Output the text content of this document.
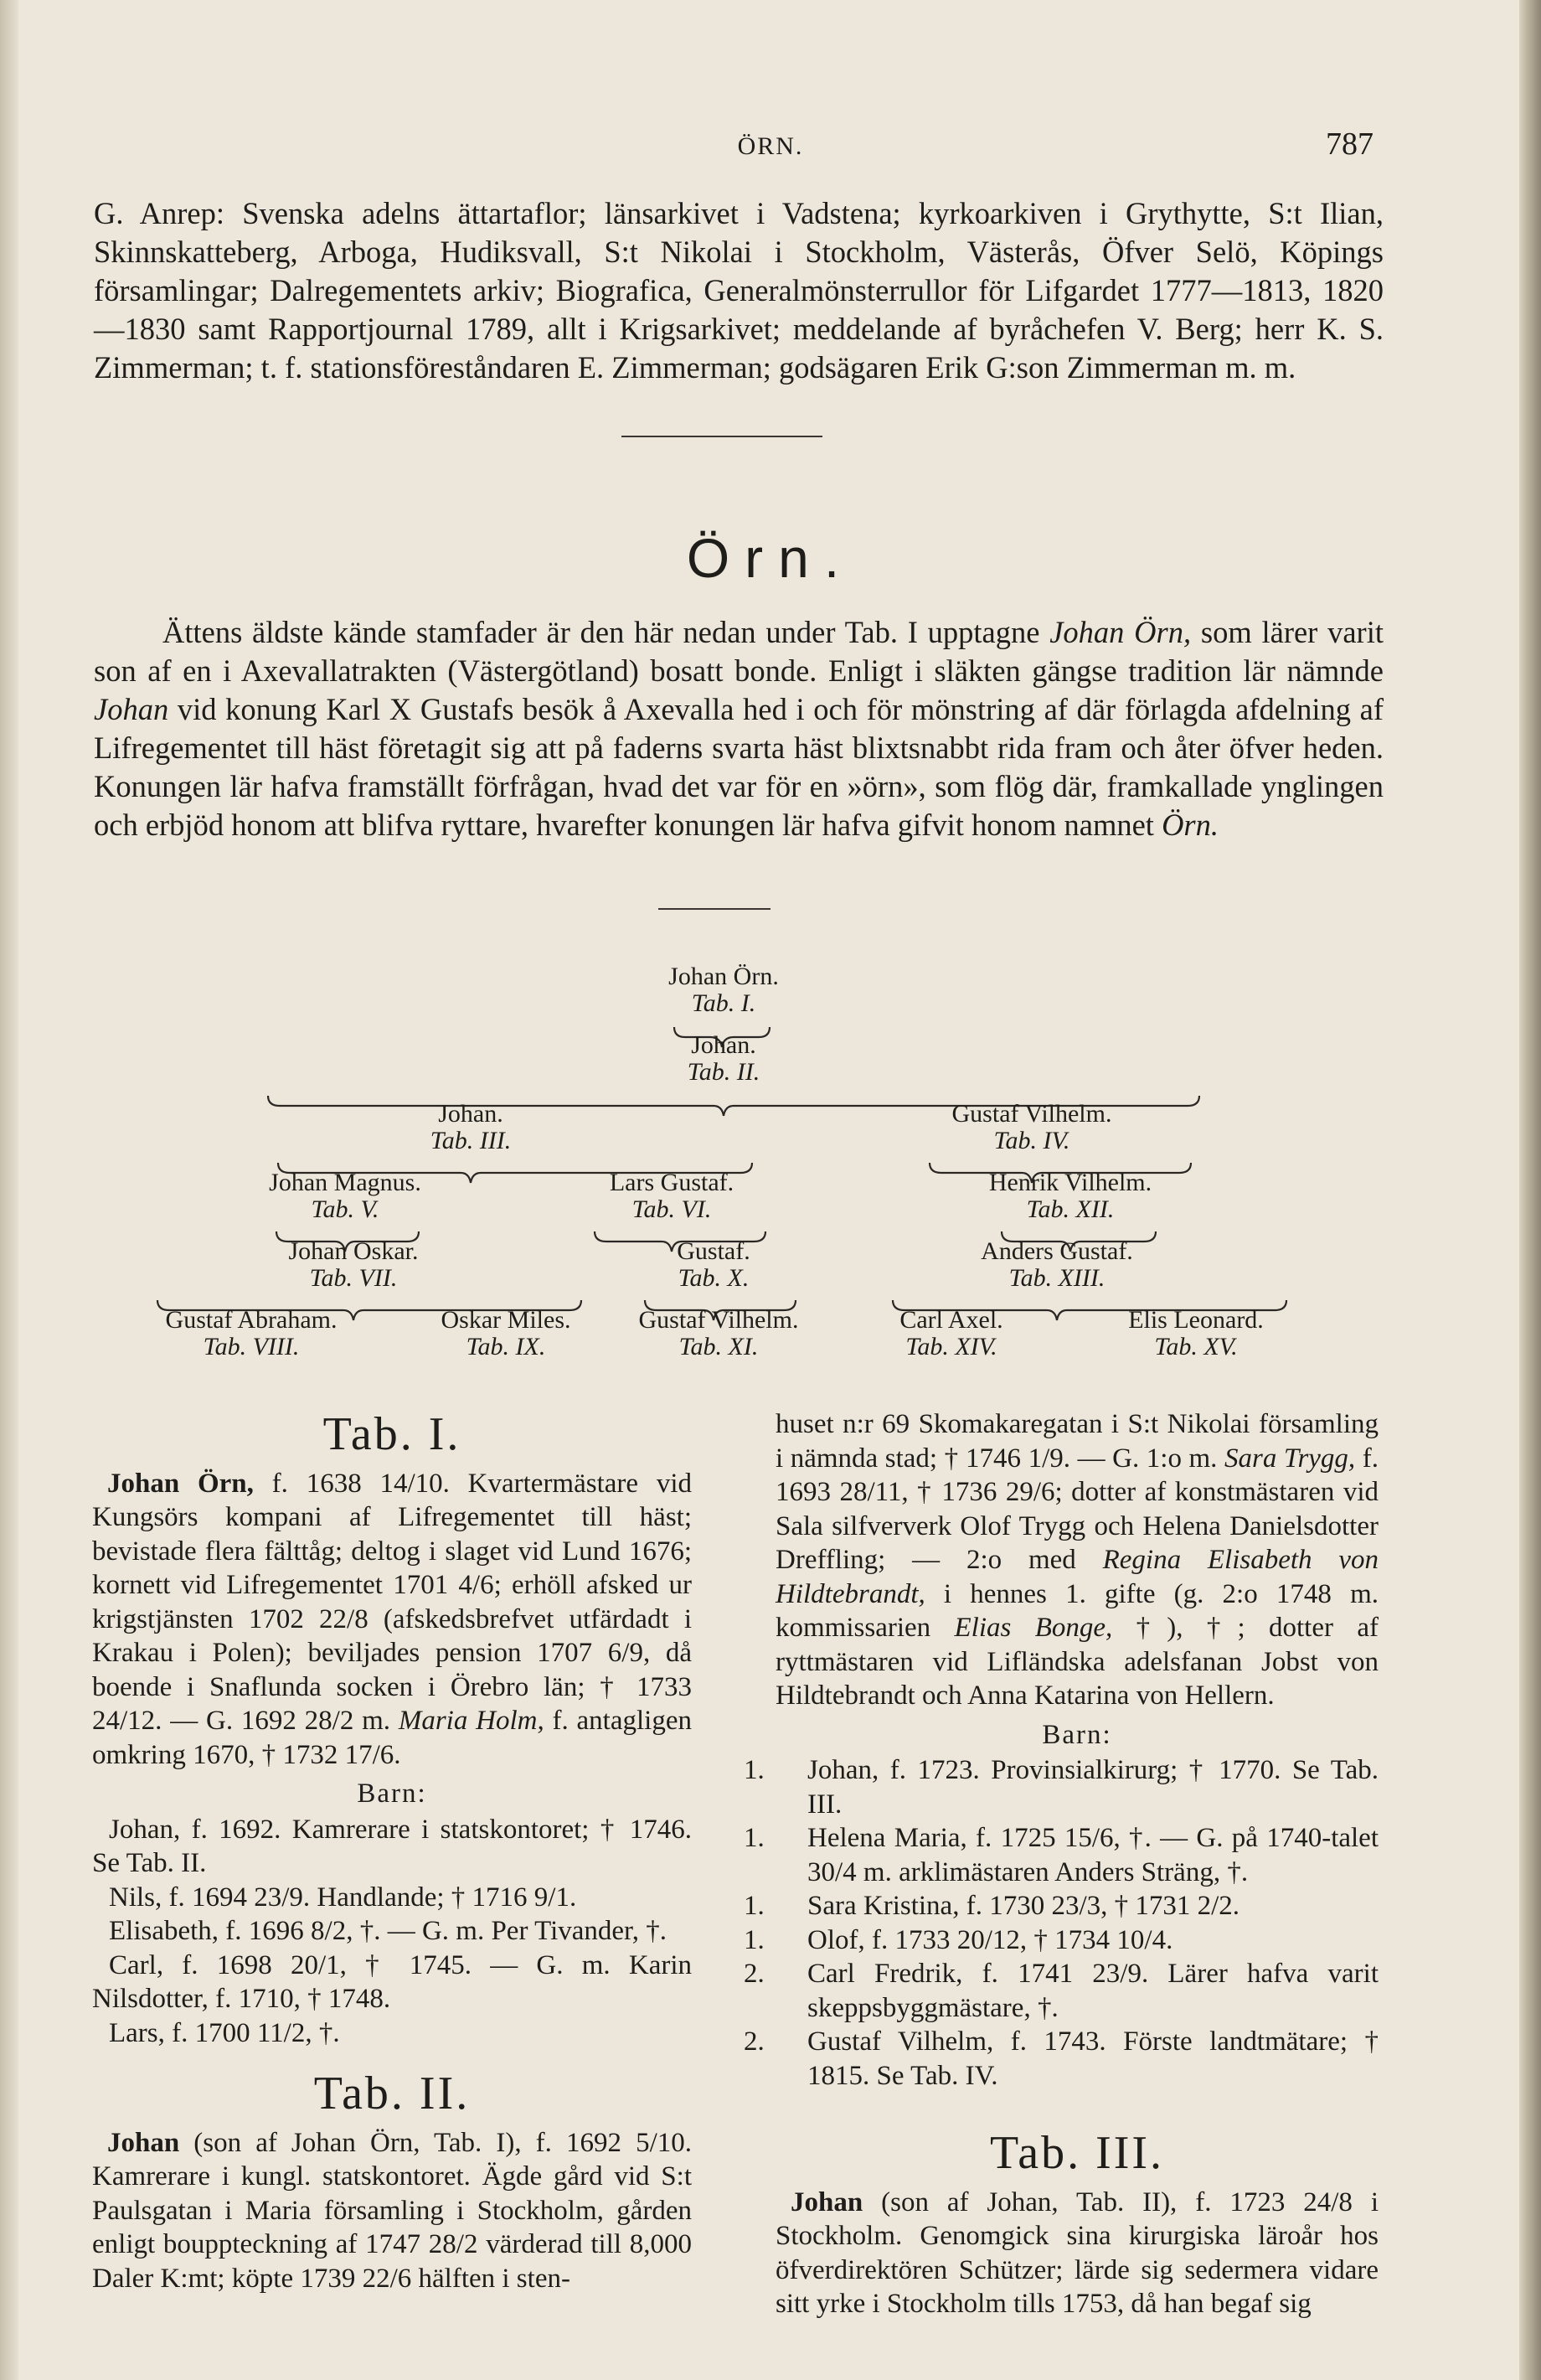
ÖRN.	787
G. Anrep: Svenska adelns ättartaflor; länsarkivet i Vadstena; kyrkoarkiven i Grythytte, S:t Ilian, Skinnskatteberg, Arboga, Hudiksvall, S:t Nikolai i Stockholm, Västerås, Öfver Selö, Köpings församlingar; Dalregementets arkiv; Biografica, Generalmönsterrullor för Lifgardet 1777—1813, 1820—1830 samt Rapportjournal 1789, allt i Krigsarkivet; meddelande af byråchefen V. Berg; herr K. S. Zimmerman; t. f. stationsföreståndaren E. Zimmerman; godsägaren Erik G:son Zimmerman m. m.
Örn.
Ättens äldste kände stamfader är den här nedan under Tab. I upptagne Johan Örn, som lärer varit son af en i Axevallatrakten (Västergötland) bosatt bonde. Enligt i släkten gängse tradition lär nämnde Johan vid konung Karl X Gustafs besök å Axevalla hed i och för mönstring af där förlagda afdelning af Lifregementet till häst företagit sig att på faderns svarta häst blixtsnabbt rida fram och åter öfver heden. Konungen lär hafva framställt förfrågan, hvad det var för en »örn», som flög där, framkallade ynglingen och erbjöd honom att blifva ryttare, hvarefter konungen lär hafva gifvit honom namnet Örn.
Johan Örn.
Tab. I.
Johan.
Tab. II.
Johan.
Tab. III.
Gustaf Vilhelm.
Tab. IV.
Johan Magnus.
Tab. V.
Lars Gustaf.
Tab. VI.
Henrik Vilhelm.
Tab. XII.
Johan Oskar.
Tab. VII.
Gustaf.
Tab. X.
Anders Gustaf.
Tab. XIII.
Gustaf Abraham.
Tab. VIII.
Oskar Miles.
Tab. IX.
Gustaf Vilhelm.
Tab. XI.
Carl Axel.
Tab. XIV.
Elis Leonard.
Tab. XV.
Tab. I.
Johan Örn, f. 1638 14/10. Kvartermästare vid Kungsörs kompani af Lifregementet till häst; bevistade flera fälttåg; deltog i slaget vid Lund 1676; kornett vid Lifregementet 1701 4/6; erhöll afsked ur krigstjänsten 1702 22/8 (afskedsbrefvet utfärdadt i Krakau i Polen); beviljades pension 1707 6/9, då boende i Snaflunda socken i Örebro län; † 1733 24/12. — G. 1692 28/2 m. Maria Holm, f. antagligen omkring 1670, † 1732 17/6.
Barn:
Johan, f. 1692. Kamrerare i statskontoret; † 1746. Se Tab. II.
Nils, f. 1694 23/9. Handlande; † 1716 9/1.
Elisabeth, f. 1696 8/2, †. — G. m. Per Tivander, †.
Carl, f. 1698 20/1, † 1745. — G. m. Karin Nilsdotter, f. 1710, † 1748.
Lars, f. 1700 11/2, †.
Tab. II.
Johan (son af Johan Örn, Tab. I), f. 1692 5/10. Kamrerare i kungl. statskontoret. Ägde gård vid S:t Paulsgatan i Maria församling i Stockholm, gården enligt bouppteckning af 1747 28/2 värderad till 8,000 Daler K:mt; köpte 1739 22/6 hälften i sten-
huset n:r 69 Skomakaregatan i S:t Nikolai församling i nämnda stad; † 1746 1/9. — G. 1:o m. Sara Trygg, f. 1693 28/11, † 1736 29/6; dotter af konstmästaren vid Sala silfververk Olof Trygg och Helena Danielsdotter Dreffling; — 2:o med Regina Elisabeth von Hildtebrandt, i hennes 1. gifte (g. 2:o 1748 m. kommissarien Elias Bonge, †), †; dotter af ryttmästaren vid Lifländska adelsfanan Jobst von Hildtebrandt och Anna Katarina von Hellern.
Barn:
1. Johan, f. 1723. Provinsialkirurg; † 1770. Se Tab. III.
1. Helena Maria, f. 1725 15/6, †. — G. på 1740-talet 30/4 m. arklimästaren Anders Sträng, †.
1. Sara Kristina, f. 1730 23/3, † 1731 2/2.
1. Olof, f. 1733 20/12, † 1734 10/4.
2. Carl Fredrik, f. 1741 23/9. Lärer hafva varit skeppsbyggmästare, †.
2. Gustaf Vilhelm, f. 1743. Förste landtmätare; † 1815. Se Tab. IV.
Tab. III.
Johan (son af Johan, Tab. II), f. 1723 24/8 i Stockholm. Genomgick sina kirurgiska läroår hos öfverdirektören Schützer; lärde sig sedermera vidare sitt yrke i Stockholm tills 1753, då han begaf sig
